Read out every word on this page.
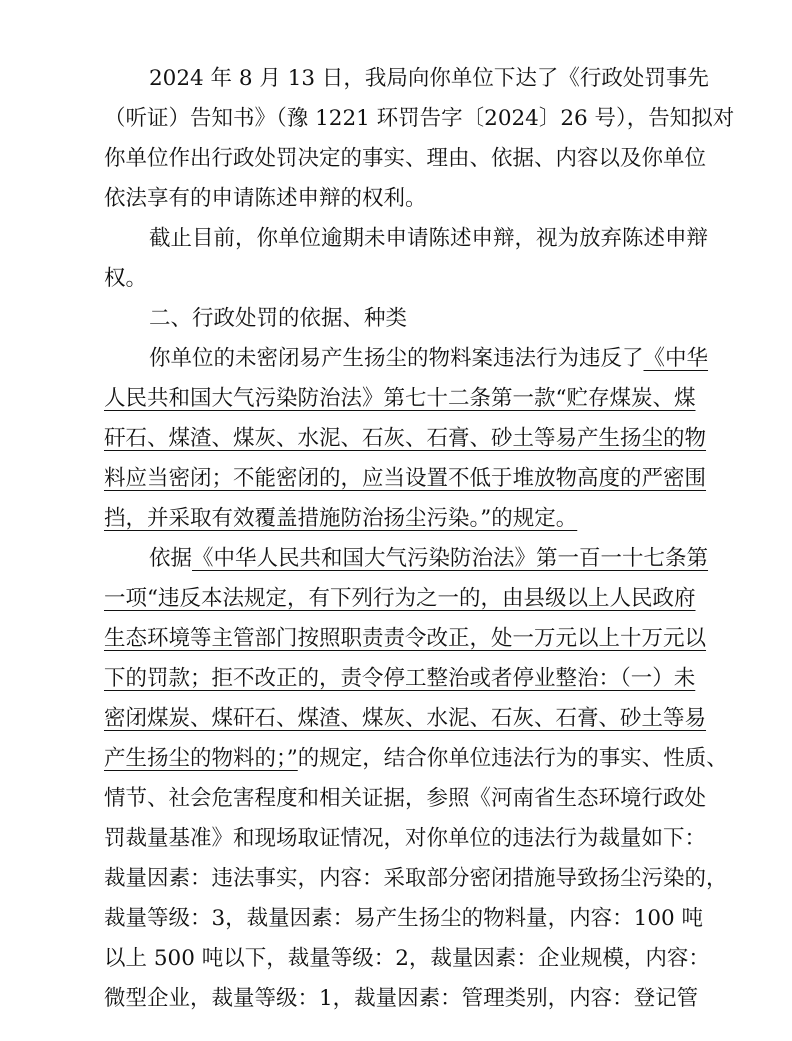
2024 年 8 月 13 日，我局向你单位下达了《行政处罚事先
（听证）告知书》（豫 1221 环罚告字〔2024〕26 号），告知拟对
你单位作出行政处罚决定的事实、理由、依据、内容以及你单位
依法享有的申请陈述申辩的权利。
截止目前，你单位逾期未申请陈述申辩，视为放弃陈述申辩
权。
二、行政处罚的依据、种类
你单位的未密闭易产生扬尘的物料案违法行为违反了《中华
人民共和国大气污染防治法》第七十二条第一款“贮存煤炭、煤
矸石、煤渣、煤灰、水泥、石灰、石膏、砂土等易产生扬尘的物
料应当密闭；不能密闭的，应当设置不低于堆放物高度的严密围
挡，并采取有效覆盖措施防治扬尘污染。”的规定。
依据《中华人民共和国大气污染防治法》第一百一十七条第
一项“违反本法规定，有下列行为之一的，由县级以上人民政府
生态环境等主管部门按照职责责令改正，处一万元以上十万元以
下的罚款；拒不改正的，责令停工整治或者停业整治：（一）未
密闭煤炭、煤矸石、煤渣、煤灰、水泥、石灰、石膏、砂土等易
产生扬尘的物料的；”的规定，结合你单位违法行为的事实、性质、
情节、社会危害程度和相关证据，参照《河南省生态环境行政处
罚裁量基准》和现场取证情况，对你单位的违法行为裁量如下：
裁量因素：违法事实，内容：采取部分密闭措施导致扬尘污染的，
裁量等级：3，裁量因素：易产生扬尘的物料量，内容：100 吨
以上 500 吨以下，裁量等级：2，裁量因素：企业规模，内容：
微型企业，裁量等级：1，裁量因素：管理类别，内容：登记管
